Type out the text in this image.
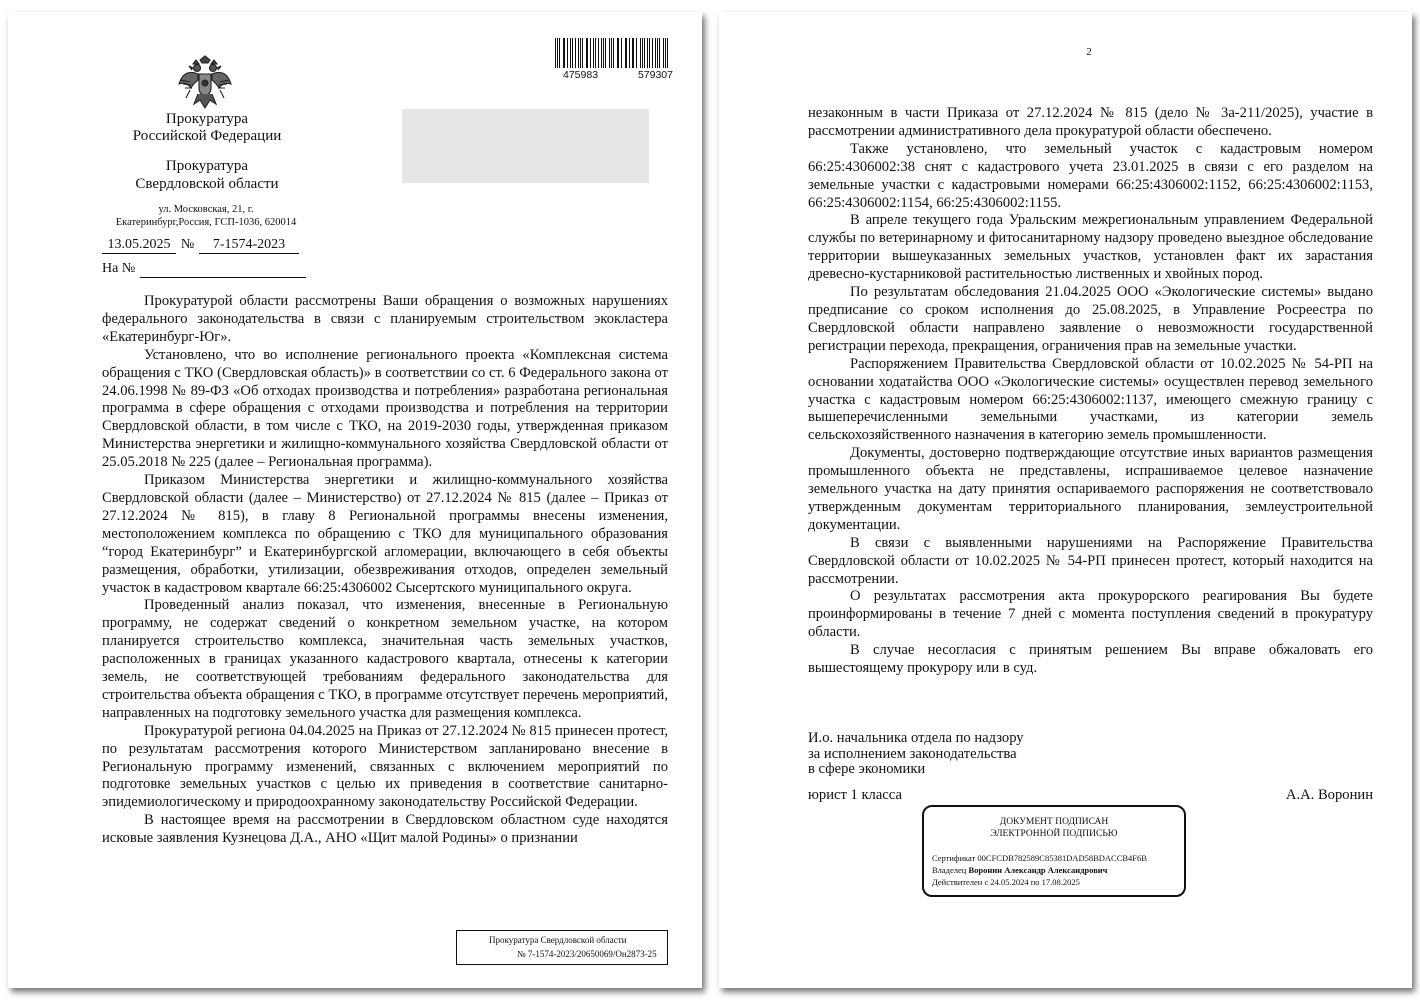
475983	579307
Прокуратура
Российской Федерации
Прокуратура
Свердловской области
ул. Московская, 21, г.
Екатеринбург,Россия, ГСП-1036, 620014
13.05.2025 № 7-1574-2023
На №

Прокуратурой области рассмотрены Ваши обращения о возможных нарушениях федерального законодательства в связи с планируемым строительством экокластера «Екатеринбург-Юг».

Установлено, что во исполнение регионального проекта «Комплексная система обращения с ТКО (Свердловская область)» в соответствии со ст. 6 Федерального закона от 24.06.1998 № 89-ФЗ «Об отходах производства и потребления» разработана региональная программа в сфере обращения с отходами производства и потребления на территории Свердловской области, в том числе с ТКО, на 2019-2030 годы, утвержденная приказом Министерства энергетики и жилищно-коммунального хозяйства Свердловской области от 25.05.2018 № 225 (далее – Региональная программа).

Приказом Министерства энергетики и жилищно-коммунального хозяйства Свердловской области (далее – Министерство) от 27.12.2024 № 815 (далее – Приказ от 27.12.2024 № 815), в главу 8 Региональной программы внесены изменения, местоположением комплекса по обращению с ТКО для муниципального образования “город Екатеринбург” и Екатеринбургской агломерации, включающего в себя объекты размещения, обработки, утилизации, обезвреживания отходов, определен земельный участок в кадастровом квартале 66:25:4306002 Сысертского муниципального округа.

Проведенный анализ показал, что изменения, внесенные в Региональную программу, не содержат сведений о конкретном земельном участке, на котором планируется строительство комплекса, значительная часть земельных участков, расположенных в границах указанного кадастрового квартала, отнесены к категории земель, не соответствующей требованиям федерального законодательства для строительства объекта обращения с ТКО, в программе отсутствует перечень мероприятий, направленных на подготовку земельного участка для размещения комплекса.

Прокуратурой региона 04.04.2025 на Приказ от 27.12.2024 № 815 принесен протест, по результатам рассмотрения которого Министерством запланировано внесение в Региональную программу изменений, связанных с включением мероприятий по подготовке земельных участков с целью их приведения в соответствие санитарно-эпидемиологическому и природоохранному законодательству Российской Федерации.

В настоящее время на рассмотрении в Свердловском областном суде находятся исковые заявления Кузнецова Д.А., АНО «Щит малой Родины» о признании

Прокуратура Свердловской области
№ 7-1574-2023/20650069/Он2873-25
2

незаконным в части Приказа от 27.12.2024 № 815 (дело № 3а-211/2025), участие в рассмотрении административного дела прокуратурой области обеспечено.

Также установлено, что земельный участок с кадастровым номером 66:25:4306002:38 снят с кадастрового учета 23.01.2025 в связи с его разделом на земельные участки с кадастровыми номерами 66:25:4306002:1152, 66:25:4306002:1153, 66:25:4306002:1154, 66:25:4306002:1155.

В апреле текущего года Уральским межрегиональным управлением Федеральной службы по ветеринарному и фитосанитарному надзору проведено выездное обследование территории вышеуказанных земельных участков, установлен факт их зарастания древесно-кустарниковой растительностью лиственных и хвойных пород.

По результатам обследования 21.04.2025 ООО «Экологические системы» выдано предписание со сроком исполнения до 25.08.2025, в Управление Росреестра по Свердловской области направлено заявление о невозможности государственной регистрации перехода, прекращения, ограничения прав на земельные участки.

Распоряжением Правительства Свердловской области от 10.02.2025 № 54-РП на основании ходатайства ООО «Экологические системы» осуществлен перевод земельного участка с кадастровым номером 66:25:4306002:1137, имеющего смежную границу с вышеперечисленными земельными участками, из категории земель сельскохозяйственного назначения в категорию земель промышленности.

Документы, достоверно подтверждающие отсутствие иных вариантов размещения промышленного объекта не представлены, испрашиваемое целевое назначение земельного участка на дату принятия оспариваемого распоряжения не соответствовало утвержденным документам территориального планирования, землеустроительной документации.

В связи с выявленными нарушениями на Распоряжение Правительства Свердловской области от 10.02.2025 № 54-РП принесен протест, который находится на рассмотрении.

О результатах рассмотрения акта прокурорского реагирования Вы будете проинформированы в течение 7 дней с момента поступления сведений в прокуратуру области.

В случае несогласия с принятым решением Вы вправе обжаловать его вышестоящему прокурору или в суд.

И.о. начальника отдела по надзору
за исполнением законодательства
в сфере экономики
юрист 1 класса	А.А. Воронин
ДОКУМЕНТ ПОДПИСАН
ЭЛЕКТРОННОЙ ПОДПИСЬЮ
Сертификат 00CFCDB782589C85381DAD58BDACCB4F6B
Владелец Воронин Александр Александрович
Действителен с 24.05.2024 по 17.08.2025
